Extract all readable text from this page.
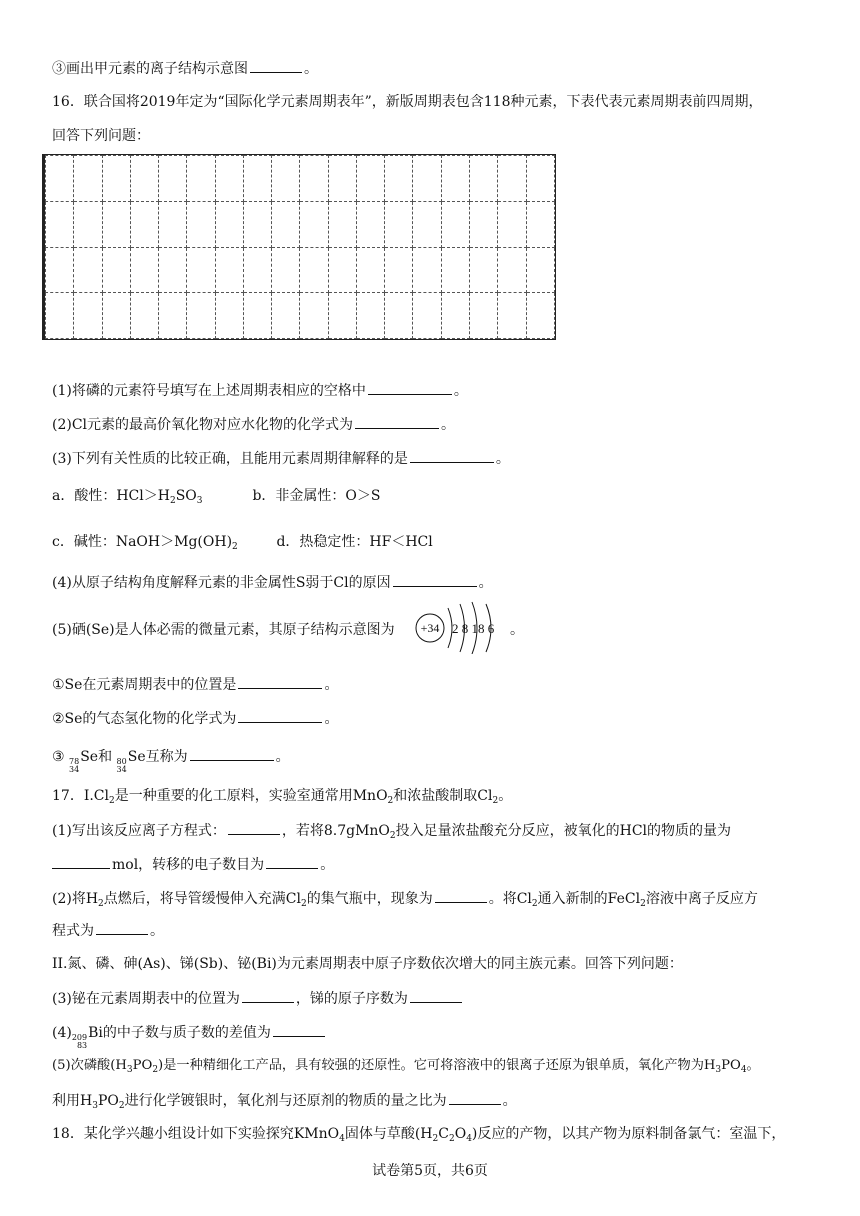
③画出甲元素的离子结构示意图	。
16．联合国将2019年定为“国际化学元素周期表年”，新版周期表包含118种元素，下表代表元素周期表前四周期，
回答下列问题：

(1)将磷的元素符号填写在上述周期表相应的空格中	。
(2)Cl元素的最高价氧化物对应水化物的化学式为	。
(3)下列有关性质的比较正确，且能用元素周期律解释的是	。
a．酸性：$HCl>H_2SO_3$	b．非金属性：O＞S
c．碱性：$NaOH>Mg(OH)_2$	d．热稳定性：HF＜HCl
(4)从原子结构角度解释元素的非金属性S弱于Cl的原因	。
(5)硒(Se)是人体必需的微量元素，其原子结构示意图为 +34 2 8 18 6 。
①Se在元素周期表中的位置是	。
②Se的气态氢化物的化学式为	。
③ 78
34
Se和 80
34
Se互称为	。
17．$I.Cl_2$是一种重要的化工原料，实验室通常用MnO$_2$和浓盐酸制取$Cl_2$。
(1)写出该反应离子方程式：	，若将8.7gMnO$_2$投入足量浓盐酸充分反应，被氧化的HCl的物质的量为
mol，转移的电子数目为	。
(2)将$H_2$点燃后，将导管缓慢伸入充满$Cl_2$的集气瓶中，现象为	。将$Cl_2$通入新制的FeCl$_2$溶液中离子反应方
程式为	。
II.氮、磷、砷(As)、锑(Sb)、铋(Bi)为元素周期表中原子序数依次增大的同主族元素。回答下列问题：
(3)铋在元素周期表中的位置为	，锑的原子序数为
(4) 209
83
Bi的中子数与质子数的差值为
(5)次磷酸$(H_3PO_2)$是一种精细化工产品，具有较强的还原性。它可将溶液中的银离子还原为银单质，氧化产物为$H_3PO_4$。
利用$H_3PO_2$进行化学镀银时，氧化剂与还原剂的物质的量之比为	。
18．某化学兴趣小组设计如下实验探究KMnO$_4$固体与草酸$(H_2C_2O_4)$反应的产物，以其产物为原料制备氯气：室温下，
试卷第5页，共6页
